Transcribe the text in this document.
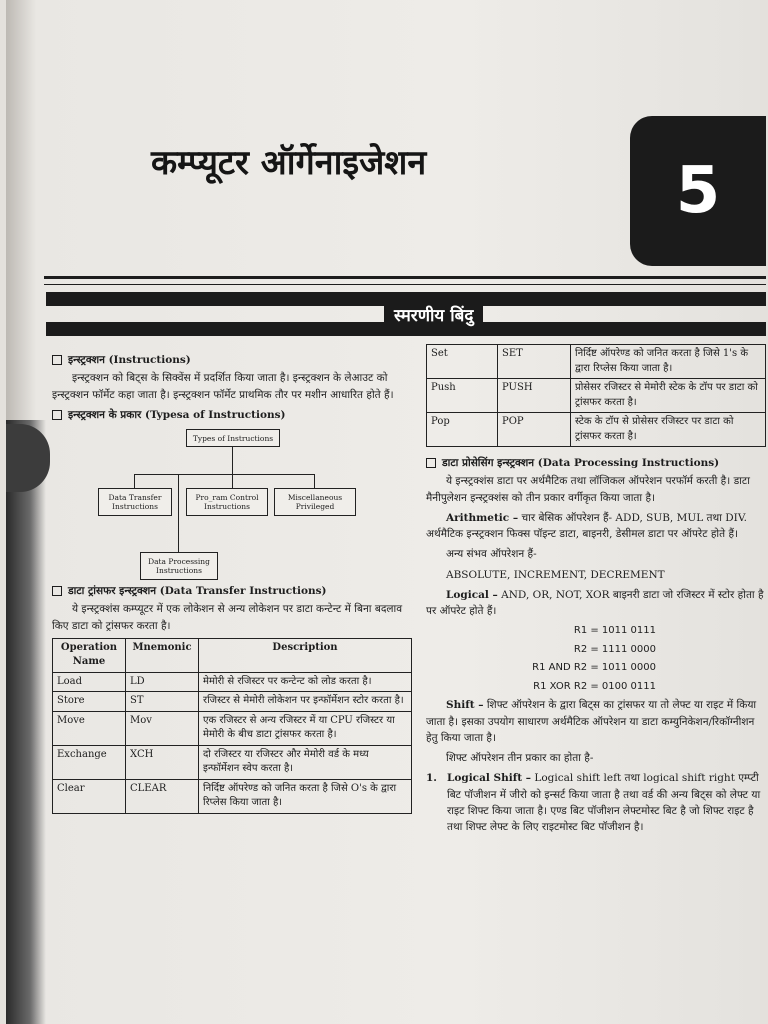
कम्प्यूटर ऑर्गेनाइजेशन	5
स्मरणीय बिंदु
इन्स्ट्रक्शन (Instructions)

इन्स्ट्रक्शन को बिट्स के सिक्वेंस में प्रदर्शित किया जाता है। इन्स्ट्रक्शन के लेआउट को इन्स्ट्रक्शन फॉर्मेट कहा जाता है। इन्स्ट्रक्शन फॉर्मेट प्राथमिक तौर पर मशीन आधारित होते हैं।

इन्स्ट्रक्शन के प्रकार (Typesa of Instructions)
Types of Instructions
Data Transfer Instructions
Pro_ram Control Instructions
Miscellaneous Privileged
Data Processing Instructions
डाटा ट्रांसफर इन्स्ट्रक्शन (Data Transfer Instructions)

ये इन्स्ट्रक्शंस कम्प्यूटर में एक लोकेशन से अन्य लोकेशन पर डाटा कन्टेन्ट में बिना बदलाव किए डाटा को ट्रांसफर करता है।

Operation Name	Mnemonic	Description
Load	LD	मेमोरी से रजिस्टर पर कन्टेन्ट को लोड करता है।
Store	ST	रजिस्टर से मेमोरी लोकेशन पर इन्फॉर्मेशन स्टोर करता है।
Move	Mov	एक रजिस्टर से अन्य रजिस्टर में या CPU रजिस्टर या मेमोरी के बीच डाटा ट्रांसफर करता है।
Exchange	XCH	दो रजिस्टर या रजिस्टर और मेमोरी वर्ड के मध्य इन्फॉर्मेशन स्वेप करता है।
Clear	CLEAR	निर्दिष्ट ऑपरेण्ड को जनित करता है जिसे O's के द्वारा रिप्लेस किया जाता है।
Set	SET	निर्दिष्ट ऑपरेण्ड को जनित करता है जिसे 1's के द्वारा रिप्लेस किया जाता है।
Push	PUSH	प्रोसेसर रजिस्टर से मेमोरी स्टेक के टॉप पर डाटा को ट्रांसफर करता है।
Pop	POP	स्टेक के टॉप से प्रोसेसर रजिस्टर पर डाटा को ट्रांसफर करता है।
डाटा प्रोसेसिंग इन्स्ट्रक्शन (Data Processing Instructions)

ये इन्स्ट्रक्शंस डाटा पर अर्थमैटिक तथा लॉजिकल ऑपरेशन परफॉर्म करती है। डाटा मैनीपुलेशन इन्स्ट्रक्शंस को तीन प्रकार वर्गीकृत किया जाता है।

Arithmetic – चार बेसिक ऑपरेशन हैं- ADD, SUB, MUL तथा DIV. अर्थमैटिक इन्स्ट्रक्शन फिक्स पॉइन्ट डाटा, बाइनरी, डेसीमल डाटा पर ऑपरेट होते हैं।

अन्य संभव ऑपरेशन हैं-

ABSOLUTE, INCREMENT, DECREMENT

Logical – AND, OR, NOT, XOR बाइनरी डाटा जो रजिस्टर में स्टोर होता है पर ऑपरेट होते हैं।

R1 = 1011 0111
R2 = 1111 0000
R1 AND R2 = 1011 0000
R1 XOR R2 = 0100 0111

Shift – शिफ्ट ऑपरेशन के द्वारा बिट्स का ट्रांसफर या तो लेफ्ट या राइट में किया जाता है। इसका उपयोग साधारण अर्थमैटिक ऑपरेशन या डाटा कम्युनिकेशन/रिकॉग्नीशन हेतु किया जाता है।

शिफ्ट ऑपरेशन तीन प्रकार का होता है-

1. Logical Shift – Logical shift left तथा logical shift right एम्प्टी बिट पॉजीशन में जीरो को इन्सर्ट किया जाता है तथा वर्ड की अन्य बिट्स को लेफ्ट या राइट शिफ्ट किया जाता है। एण्ड बिट पॉजीशन लेफ्टमोस्ट बिट है जो शिफ्ट राइट है तथा शिफ्ट लेफ्ट के लिए राइटमोस्ट बिट पॉजीशन है।
